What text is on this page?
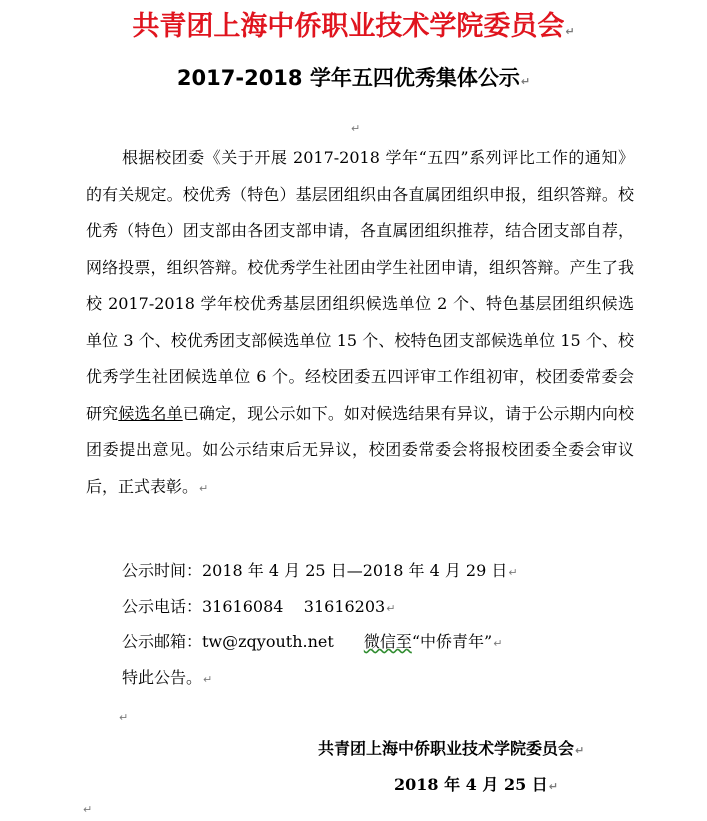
共青团上海中侨职业技术学院委员会↵
2017-2018 学年五四优秀集体公示↵
↵
根据校团委《关于开展 2017-2018 学年“五四”系列评比工作的通知》的有关规定。校优秀（特色）基层团组织由各直属团组织申报，组织答辩。校优秀（特色）团支部由各团支部申请，各直属团组织推荐，结合团支部自荐，网络投票，组织答辩。校优秀学生社团由学生社团申请，组织答辩。产生了我校 2017-2018 学年校优秀基层团组织候选单位 2 个、特色基层团组织候选单位 3 个、校优秀团支部候选单位 15 个、校特色团支部候选单位 15 个、校优秀学生社团候选单位 6 个。经校团委五四评审工作组初审，校团委常委会研究候选名单已确定，现公示如下。如对候选结果有异议，请于公示期内向校团委提出意见。如公示结束后无异议，校团委常委会将报校团委全委会审议后，正式表彰。↵
公示时间：2018 年 4 月 25 日—2018 年 4 月 29 日↵
公示电话：31616084    31616203↵
公示邮箱：tw@zqyouth.net 微信至“中侨青年”↵
特此公告。↵
↵
共青团上海中侨职业技术学院委员会↵
2018 年 4 月 25 日↵
↵
